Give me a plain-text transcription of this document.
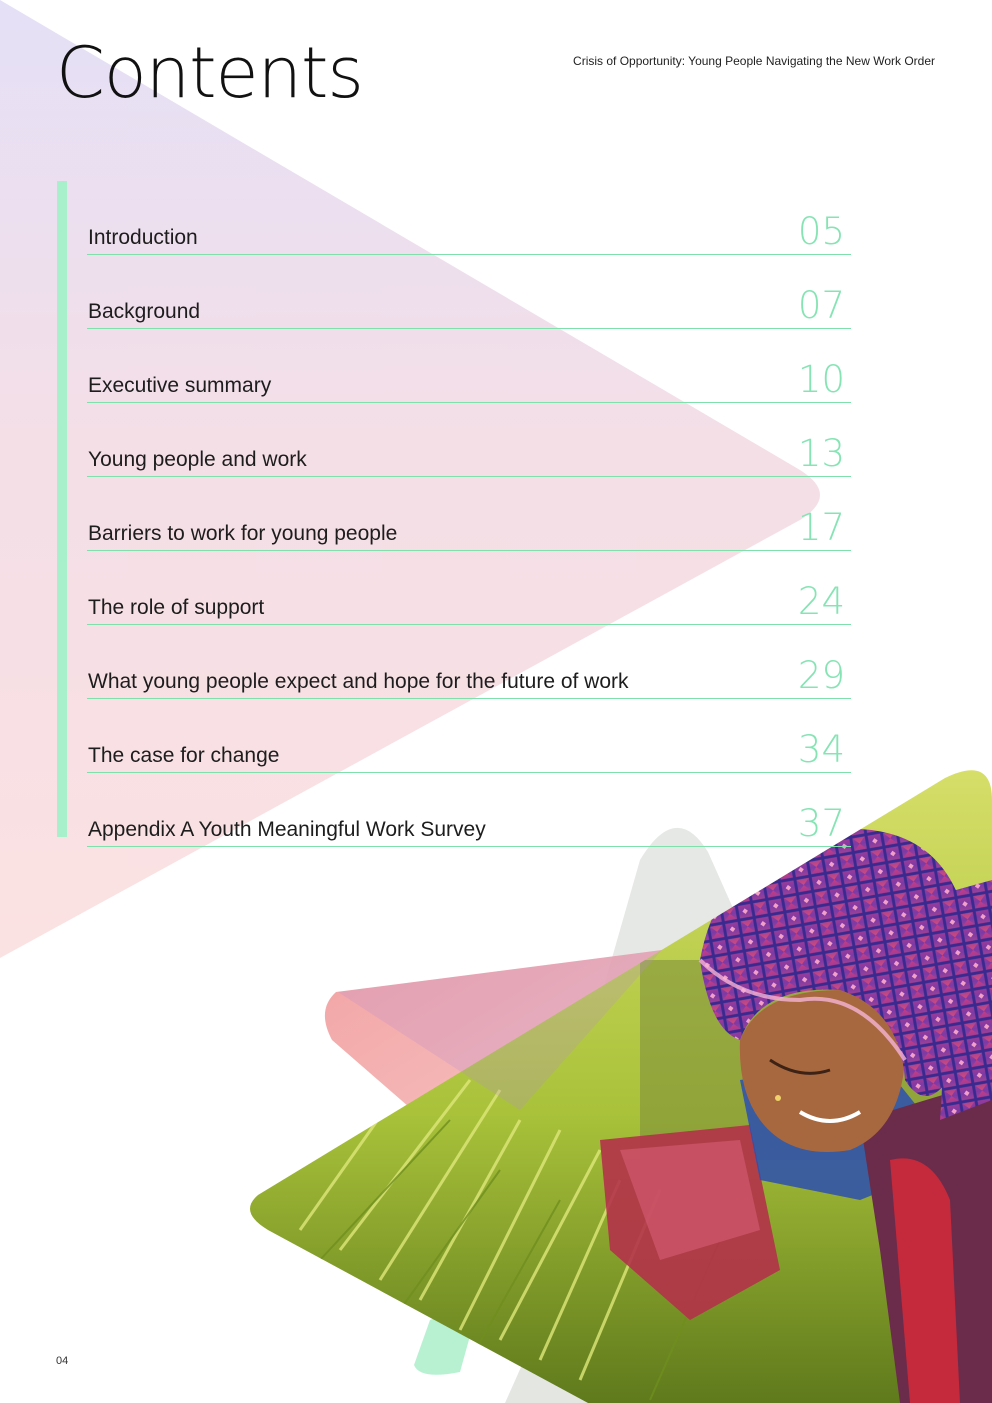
Contents	Crisis of Opportunity: Young People Navigating the New Work Order
Introduction	05
Background	07
Executive summary	10
Young people and work	13
Barriers to work for young people	17
The role of support	24
What young people expect and hope for the future of work	29
The case for change	34
Appendix A Youth Meaningful Work Survey	37
04
